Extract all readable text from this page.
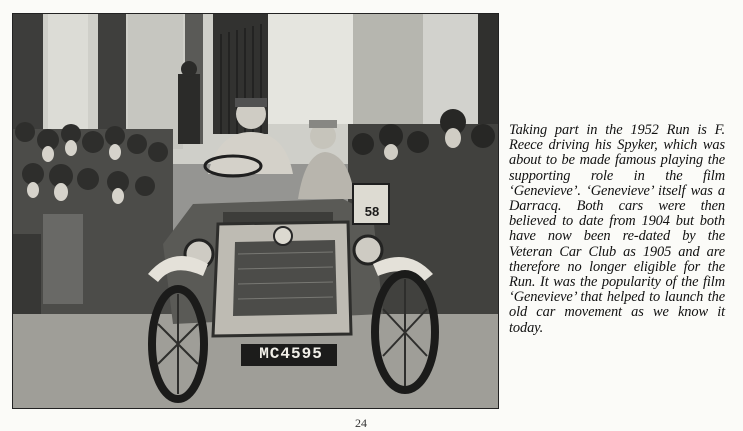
MC4595
58
Taking part in the 1952 Run is F. Reece driving his Spyker, which was about to be made famous playing the supporting role in the film ‘Genevieve’. ‘Genevieve’ itself was a Darracq. Both cars were then believed to date from 1904 but both have now been re-dated by the Veteran Car Club as 1905 and are therefore no longer eligible for the Run. It was the popularity of the film ‘Genevieve’ that helped to launch the old car movement as we know it today.
24
